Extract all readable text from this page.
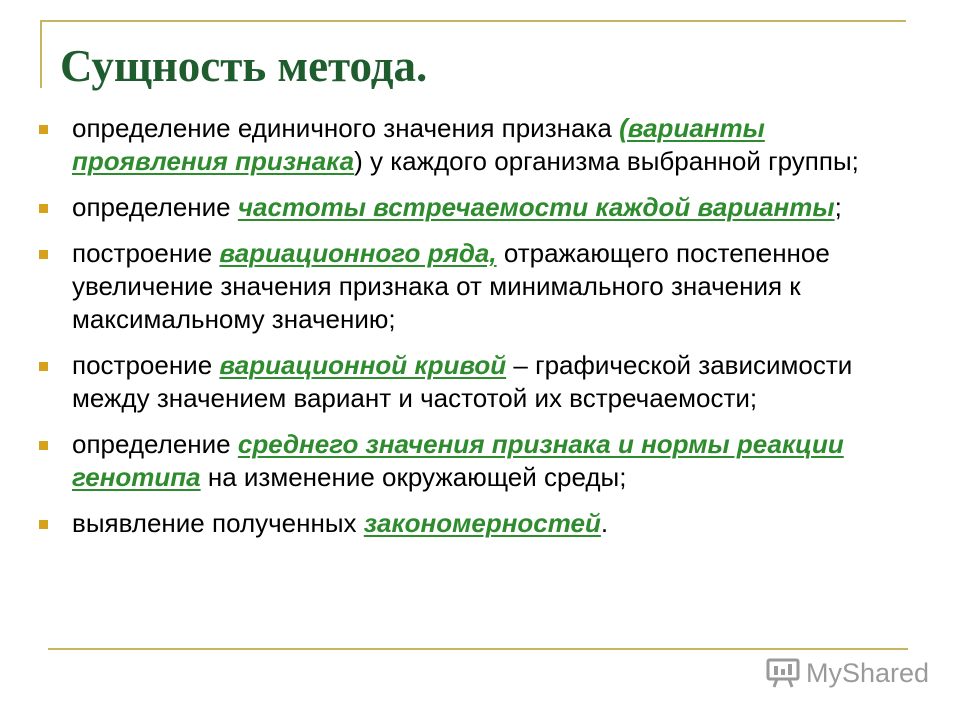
Сущность метода.
определение единичного значения признака (варианты проявления признака) у каждого организма выбранной группы;
определение частоты встречаемости каждой варианты;
построение вариационного ряда, отражающего постепенное увеличение значения признака от минимального значения к максимальному значению;
построение вариационной кривой – графической зависимости между значением вариант и частотой их встречаемости;
определение среднего значения признака и нормы реакции генотипа на изменение окружающей среды;
выявление полученных закономерностей.
MyShared
